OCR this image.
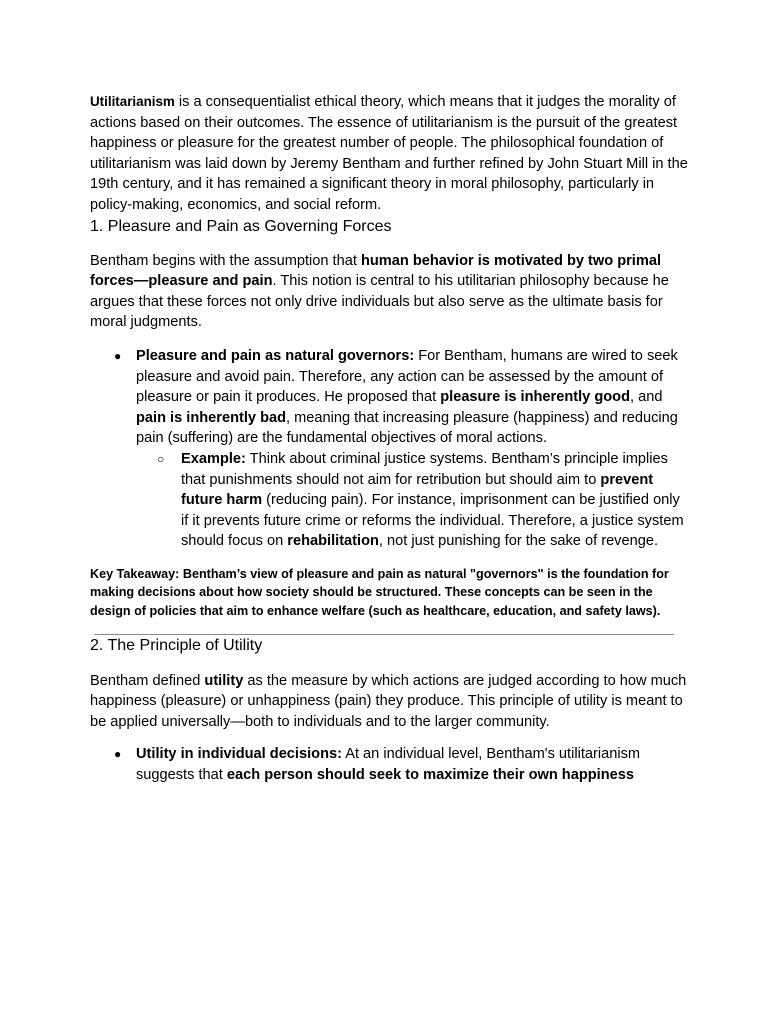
Utilitarianism is a consequentialist ethical theory, which means that it judges the morality of actions based on their outcomes. The essence of utilitarianism is the pursuit of the greatest happiness or pleasure for the greatest number of people. The philosophical foundation of utilitarianism was laid down by Jeremy Bentham and further refined by John Stuart Mill in the 19th century, and it has remained a significant theory in moral philosophy, particularly in policy-making, economics, and social reform.

1. Pleasure and Pain as Governing Forces

Bentham begins with the assumption that human behavior is motivated by two primal forces—pleasure and pain. This notion is central to his utilitarian philosophy because he argues that these forces not only drive individuals but also serve as the ultimate basis for moral judgments.

● Pleasure and pain as natural governors: For Bentham, humans are wired to seek pleasure and avoid pain. Therefore, any action can be assessed by the amount of pleasure or pain it produces. He proposed that pleasure is inherently good, and pain is inherently bad, meaning that increasing pleasure (happiness) and reducing pain (suffering) are the fundamental objectives of moral actions.
○ Example: Think about criminal justice systems. Bentham’s principle implies that punishments should not aim for retribution but should aim to prevent future harm (reducing pain). For instance, imprisonment can be justified only if it prevents future crime or reforms the individual. Therefore, a justice system should focus on rehabilitation, not just punishing for the sake of revenge.

Key Takeaway: Bentham’s view of pleasure and pain as natural "governors" is the foundation for making decisions about how society should be structured. These concepts can be seen in the design of policies that aim to enhance welfare (such as healthcare, education, and safety laws).

2. The Principle of Utility

Bentham defined utility as the measure by which actions are judged according to how much happiness (pleasure) or unhappiness (pain) they produce. This principle of utility is meant to be applied universally—both to individuals and to the larger community.

● Utility in individual decisions: At an individual level, Bentham's utilitarianism suggests that each person should seek to maximize their own happiness
